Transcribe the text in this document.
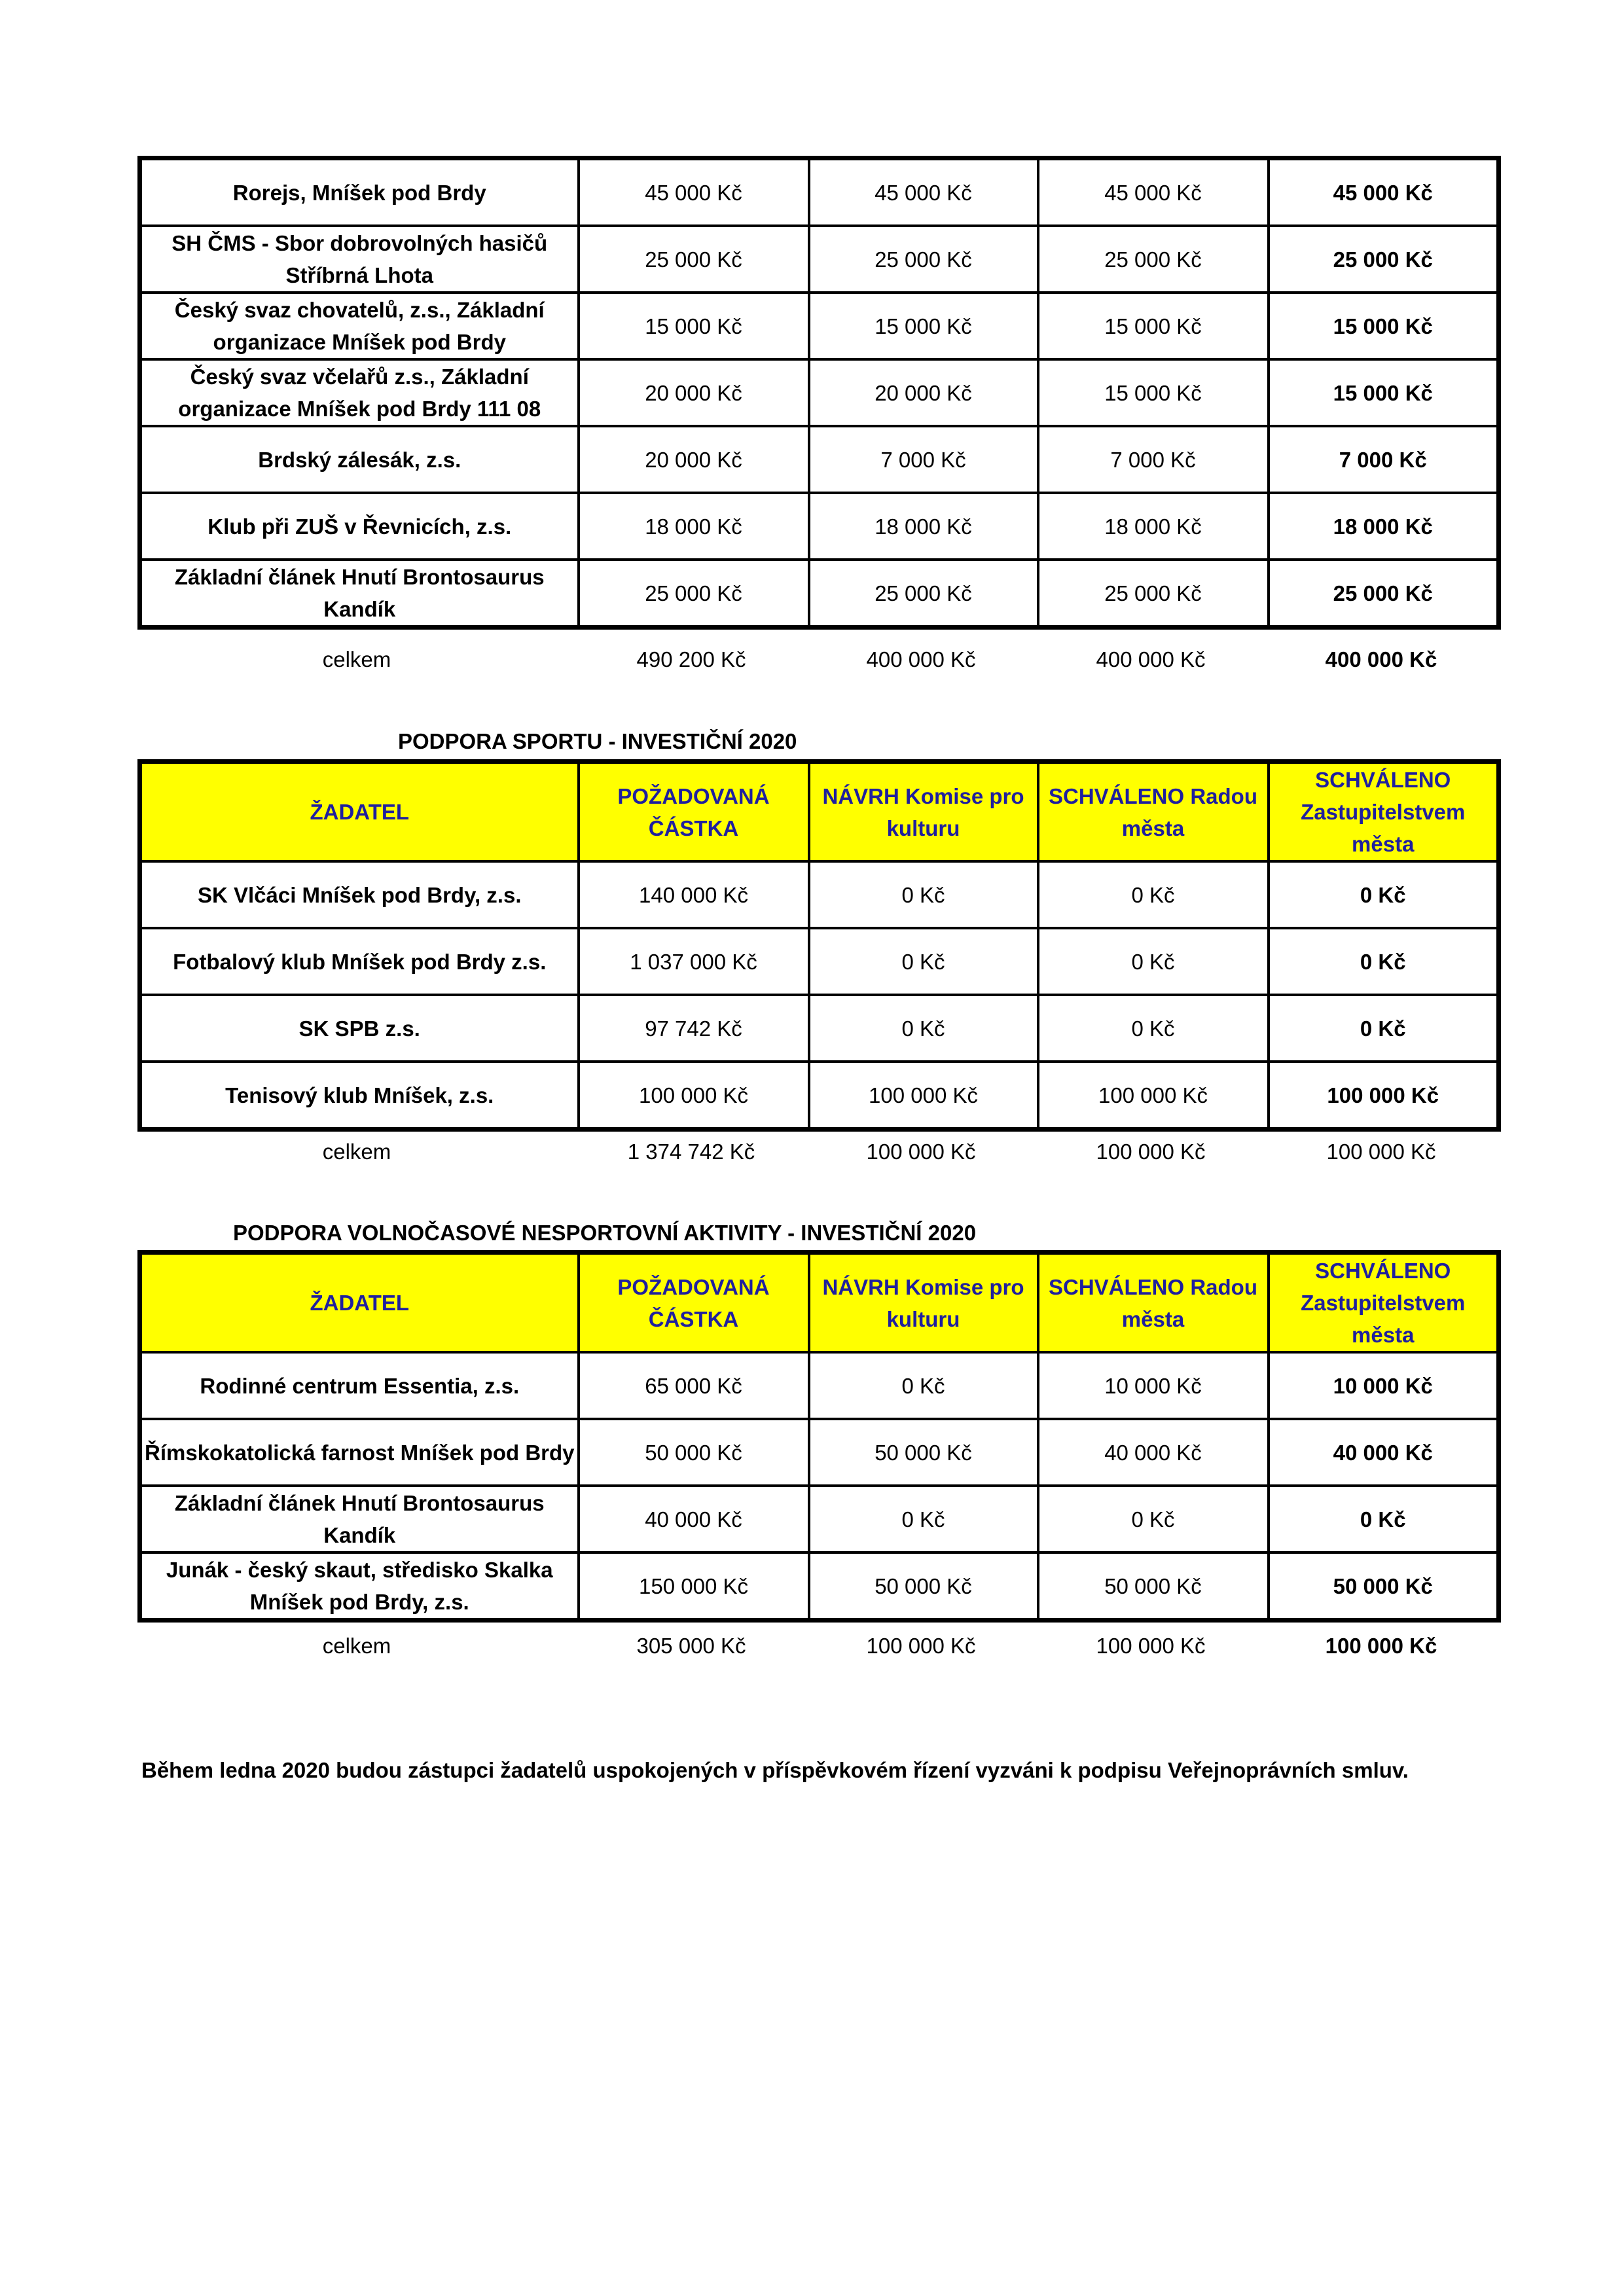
Rorejs, Mníšek pod Brdy	45 000 Kč	45 000 Kč	45 000 Kč	45 000 Kč
SH ČMS - Sbor dobrovolných hasičů Stříbrná Lhota	25 000 Kč	25 000 Kč	25 000 Kč	25 000 Kč
Český svaz chovatelů, z.s., Základní organizace Mníšek pod Brdy	15 000 Kč	15 000 Kč	15 000 Kč	15 000 Kč
Český svaz včelařů z.s., Základní organizace Mníšek pod Brdy 111 08	20 000 Kč	20 000 Kč	15 000 Kč	15 000 Kč
Brdský zálesák, z.s.	20 000 Kč	7 000 Kč	7 000 Kč	7 000 Kč
Klub při ZUŠ v Řevnicích, z.s.	18 000 Kč	18 000 Kč	18 000 Kč	18 000 Kč
Základní článek Hnutí Brontosaurus Kandík	25 000 Kč	25 000 Kč	25 000 Kč	25 000 Kč
celkem	490 200 Kč	400 000 Kč	400 000 Kč	400 000 Kč
PODPORA SPORTU - INVESTIČNÍ 2020
ŽADATEL	POŽADOVANÁ ČÁSTKA	NÁVRH Komise pro kulturu	SCHVÁLENO Radou města	SCHVÁLENO Zastupitelstvem města
SK Vlčáci Mníšek pod Brdy, z.s.	140 000 Kč	0 Kč	0 Kč	0 Kč
Fotbalový klub Mníšek pod Brdy z.s.	1 037 000 Kč	0 Kč	0 Kč	0 Kč
SK SPB z.s.	97 742 Kč	0 Kč	0 Kč	0 Kč
Tenisový klub Mníšek, z.s.	100 000 Kč	100 000 Kč	100 000 Kč	100 000 Kč
celkem	1 374 742 Kč	100 000 Kč	100 000 Kč	100 000 Kč
PODPORA VOLNOČASOVÉ NESPORTOVNÍ AKTIVITY - INVESTIČNÍ 2020
ŽADATEL	POŽADOVANÁ ČÁSTKA	NÁVRH Komise pro kulturu	SCHVÁLENO Radou města	SCHVÁLENO Zastupitelstvem města
Rodinné centrum Essentia, z.s.	65 000 Kč	0 Kč	10 000 Kč	10 000 Kč
Římskokatolická farnost Mníšek pod Brdy	50 000 Kč	50 000 Kč	40 000 Kč	40 000 Kč
Základní článek Hnutí Brontosaurus Kandík	40 000 Kč	0 Kč	0 Kč	0 Kč
Junák - český skaut, středisko Skalka Mníšek pod Brdy, z.s.	150 000 Kč	50 000 Kč	50 000 Kč	50 000 Kč
celkem	305 000 Kč	100 000 Kč	100 000 Kč	100 000 Kč
Během ledna 2020 budou zástupci žadatelů uspokojených v příspěvkovém řízení vyzváni k podpisu Veřejnoprávních smluv.
